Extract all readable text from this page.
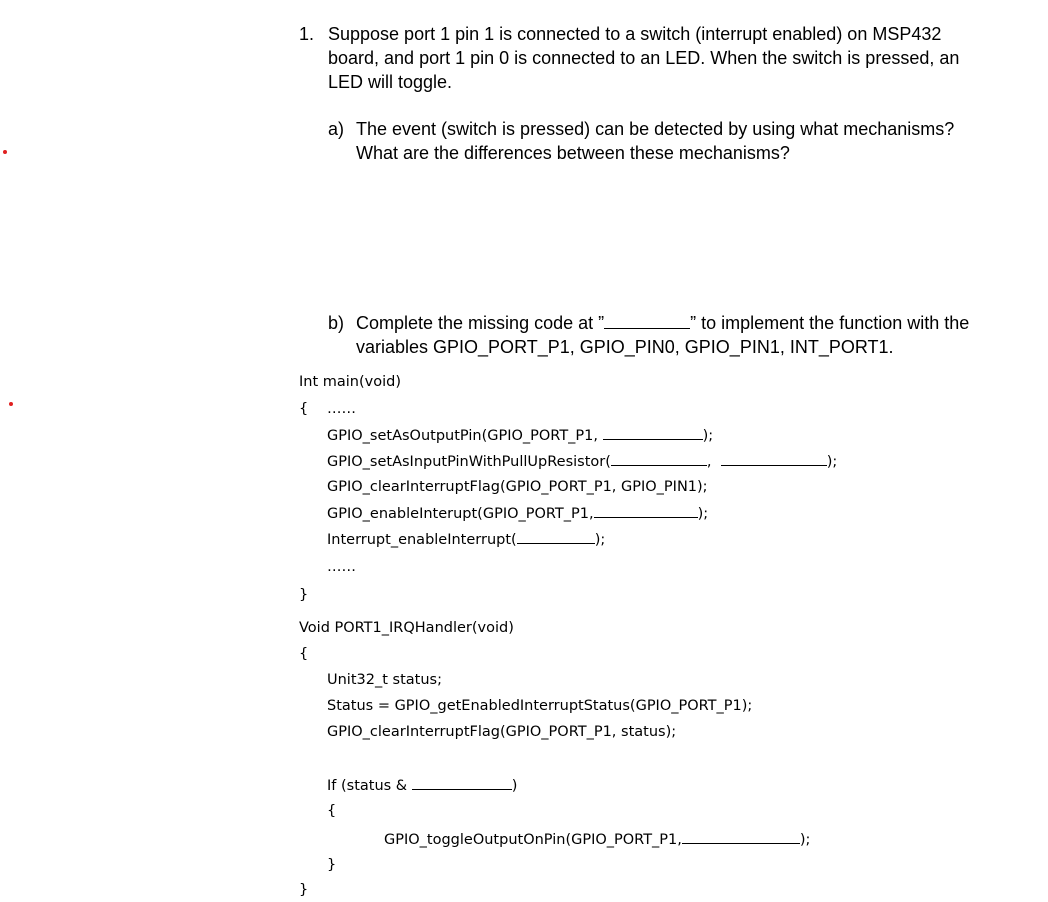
1. Suppose port 1 pin 1 is connected to a switch (interrupt enabled) on MSP432
board, and port 1 pin 0 is connected to an LED. When the switch is pressed, an
LED will toggle.
a) The event (switch is pressed) can be detected by using what mechanisms?
What are the differences between these mechanisms?
b) Complete the missing code at ”	” to implement the function with the
variables GPIO_PORT_P1, GPIO_PIN0, GPIO_PIN1, INT_PORT1.
Int main(void)
{ ……
GPIO_setAsOutputPin(GPIO_PORT_P1,	);
GPIO_setAsInputPinWithPullUpResistor(	,	);
GPIO_clearInterruptFlag(GPIO_PORT_P1, GPIO_PIN1);
GPIO_enableInterupt(GPIO_PORT_P1,	);
Interrupt_enableInterrupt(	);
……
}
Void PORT1_IRQHandler(void)
{
Unit32_t status;
Status = GPIO_getEnabledInterruptStatus(GPIO_PORT_P1);
GPIO_clearInterruptFlag(GPIO_PORT_P1, status);
If (status &	)
{
GPIO_toggleOutputOnPin(GPIO_PORT_P1,	);
}
}
